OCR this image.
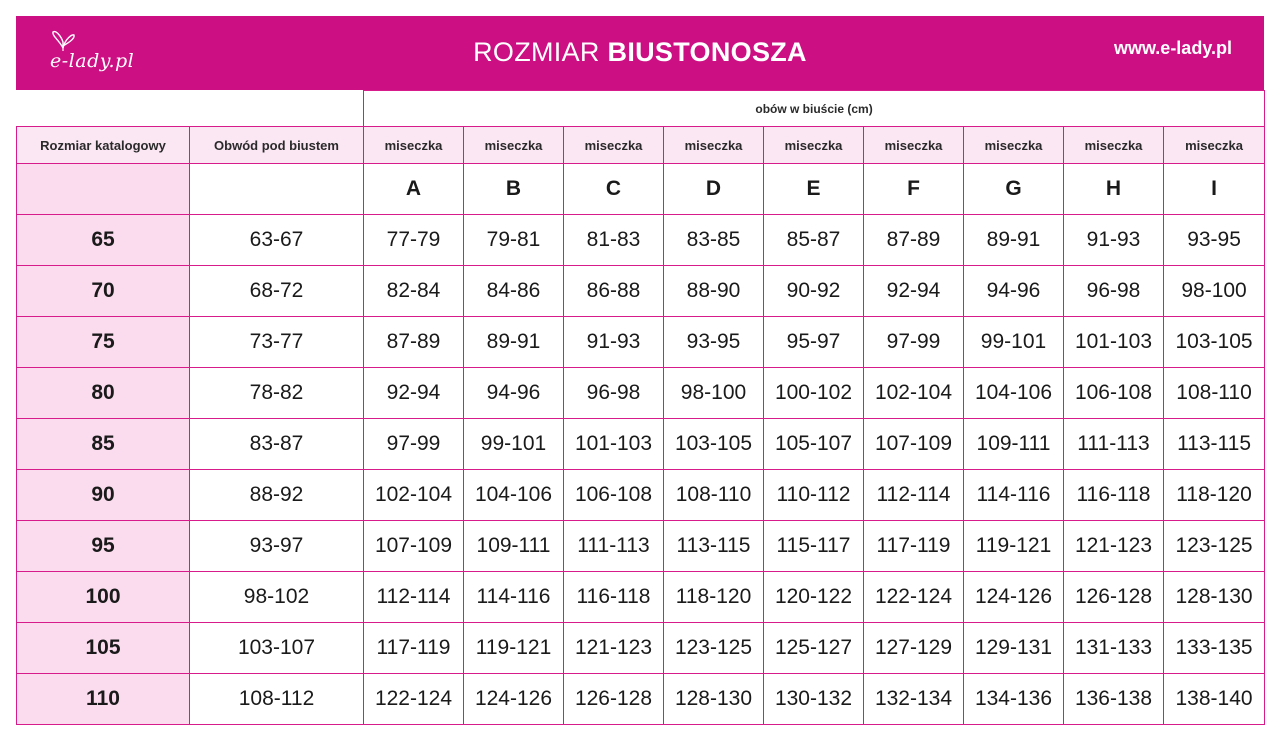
e-lady.pl	ROZMIAR BIUSTONOSZA	www.e-lady.pl
		obów w biuście (cm)								
Rozmiar katalogowy	Obwód pod biustem	miseczka	miseczka	miseczka	miseczka	miseczka	miseczka	miseczka	miseczka	miseczka
		A	B	C	D	E	F	G	H	I
65	63-67	77-79	79-81	81-83	83-85	85-87	87-89	89-91	91-93	93-95
70	68-72	82-84	84-86	86-88	88-90	90-92	92-94	94-96	96-98	98-100
75	73-77	87-89	89-91	91-93	93-95	95-97	97-99	99-101	101-103	103-105
80	78-82	92-94	94-96	96-98	98-100	100-102	102-104	104-106	106-108	108-110
85	83-87	97-99	99-101	101-103	103-105	105-107	107-109	109-111	111-113	113-115
90	88-92	102-104	104-106	106-108	108-110	110-112	112-114	114-116	116-118	118-120
95	93-97	107-109	109-111	111-113	113-115	115-117	117-119	119-121	121-123	123-125
100	98-102	112-114	114-116	116-118	118-120	120-122	122-124	124-126	126-128	128-130
105	103-107	117-119	119-121	121-123	123-125	125-127	127-129	129-131	131-133	133-135
110	108-112	122-124	124-126	126-128	128-130	130-132	132-134	134-136	136-138	138-140
